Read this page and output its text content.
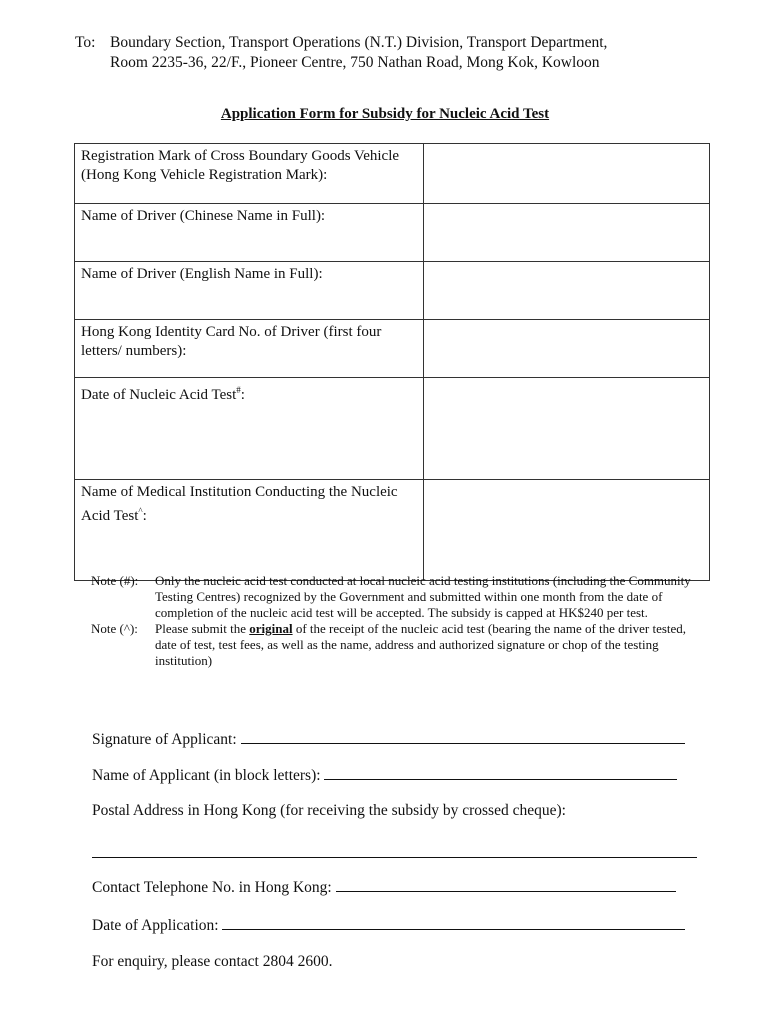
To: Boundary Section, Transport Operations (N.T.) Division, Transport Department,
Room 2235-36, 22/F., Pioneer Centre, 750 Nathan Road, Mong Kok, Kowloon
Application Form for Subsidy for Nucleic Acid Test
Registration Mark of Cross Boundary Goods Vehicle (Hong Kong Vehicle Registration Mark):	
Name of Driver (Chinese Name in Full):	
Name of Driver (English Name in Full):	
Hong Kong Identity Card No. of Driver (first four letters/ numbers):	
Date of Nucleic Acid Test#:	
Name of Medical Institution Conducting the Nucleic Acid Test^:	

Note (#): Only the nucleic acid test conducted at local nucleic acid testing institutions (including the Community Testing Centres) recognized by the Government and submitted within one month from the date of completion of the nucleic acid test will be accepted. The subsidy is capped at HK$240 per test.

Note (^): Please submit the original of the receipt of the nucleic acid test (bearing the name of the driver tested, date of test, test fees, as well as the name, address and authorized signature or chop of the testing institution)

Signature of Applicant:
Name of Applicant (in block letters):
Postal Address in Hong Kong (for receiving the subsidy by crossed cheque):
Contact Telephone No. in Hong Kong:
Date of Application:
For enquiry, please contact 2804 2600.
